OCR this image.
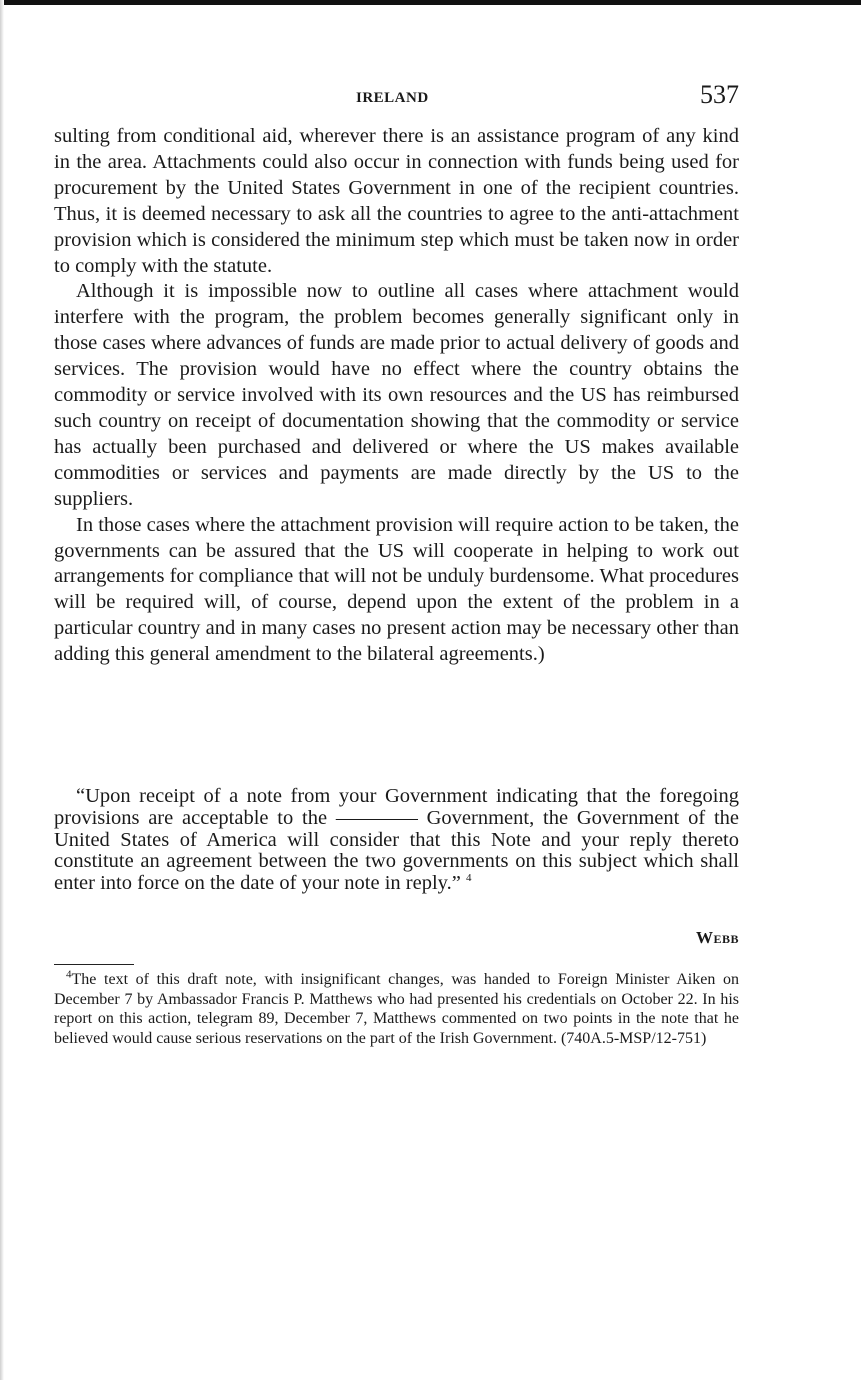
IRELAND	537

sulting from conditional aid, wherever there is an assistance program of any kind in the area. Attachments could also occur in connection with funds being used for procurement by the United States Government in one of the recipient countries. Thus, it is deemed necessary to ask all the countries to agree to the anti-attachment provision which is considered the minimum step which must be taken now in order to comply with the statute.

Although it is impossible now to outline all cases where attachment would interfere with the program, the problem becomes generally significant only in those cases where advances of funds are made prior to actual delivery of goods and services. The provision would have no effect where the country obtains the commodity or service involved with its own resources and the US has reimbursed such country on receipt of documentation showing that the commodity or service has actually been purchased and delivered or where the US makes available commodities or services and payments are made directly by the US to the suppliers.

In those cases where the attachment provision will require action to be taken, the governments can be assured that the US will cooperate in helping to work out arrangements for compliance that will not be unduly burdensome. What procedures will be required will, of course, depend upon the extent of the problem in a particular country and in many cases no present action may be necessary other than adding this general amendment to the bilateral agreements.)

“Upon receipt of a note from your Government indicating that the foregoing provisions are acceptable to the ———— Government, the Government of the United States of America will consider that this Note and your reply thereto constitute an agreement between the two governments on this subject which shall enter into force on the date of your note in reply.” $^4$

Webb

$^4$The text of this draft note, with insignificant changes, was handed to Foreign Minister Aiken on December 7 by Ambassador Francis P. Matthews who had presented his credentials on October 22. In his report on this action, telegram 89, December 7, Matthews commented on two points in the note that he believed would cause serious reservations on the part of the Irish Government. (740A.5-MSP/12-751)
